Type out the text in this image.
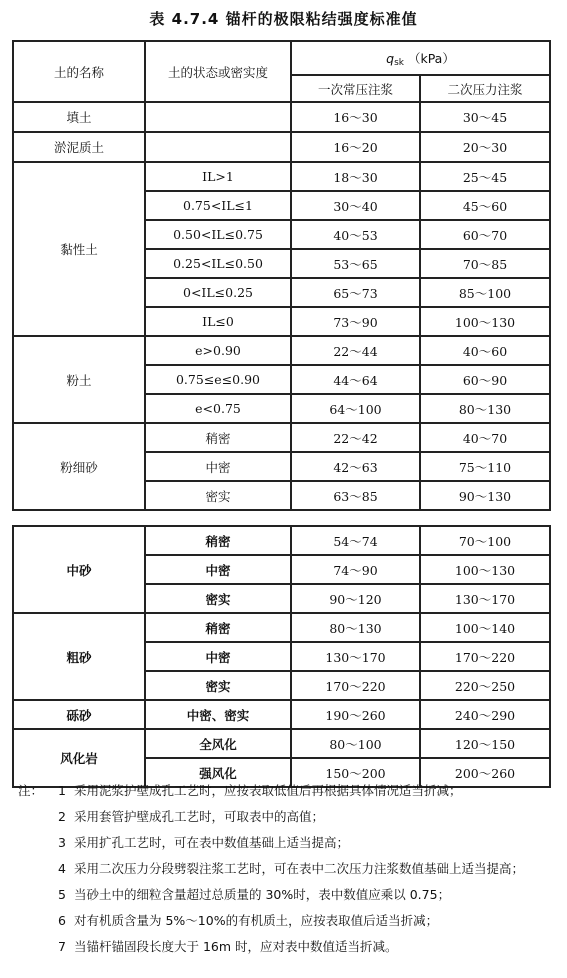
表 4.7.4 锚杆的极限粘结强度标准值
土的名称	土的状态或密实度	$q_{sk}$ （kPa）	
		一次常压注浆	二次压力注浆
填土		16～30	30～45
淤泥质土		16～20	20～30
黏性土	IL>1	18～30	25～45
	0.75<IL≤1	30～40	45～60
	0.50<IL≤0.75	40～53	60～70
	0.25<IL≤0.50	53～65	70～85
	0<IL≤0.25	65～73	85～100
	IL≤0	73～90	100～130
粉土	e>0.90	22～44	40～60
	0.75≤e≤0.90	44～64	60～90
	e<0.75	64～100	80～130
粉细砂	稍密	22～42	40～70
	中密	42～63	75～110
	密实	63～85	90～130

中砂	稍密	54～74	70～100
	中密	74～90	100～130
	密实	90～120	130～170
粗砂	稍密	80～130	100～140
	中密	130～170	170～220
	密实	170～220	220～250
砾砂	中密、密实	190～260	240～290
风化岩	全风化	80～100	120～150
	强风化	150～200	200～260
注： 1 采用泥浆护壁成孔工艺时，应按表取低值后再根据具体情况适当折减；
2 采用套管护壁成孔工艺时，可取表中的高值；
3 采用扩孔工艺时，可在表中数值基础上适当提高；
4 采用二次压力分段劈裂注浆工艺时，可在表中二次压力注浆数值基础上适当提高；
5 当砂土中的细粒含量超过总质量的 30%时，表中数值应乘以 0.75；
6 对有机质含量为 5%～10%的有机质土，应按表取值后适当折减；
7 当锚杆锚固段长度大于 16m 时，应对表中数值适当折减。
